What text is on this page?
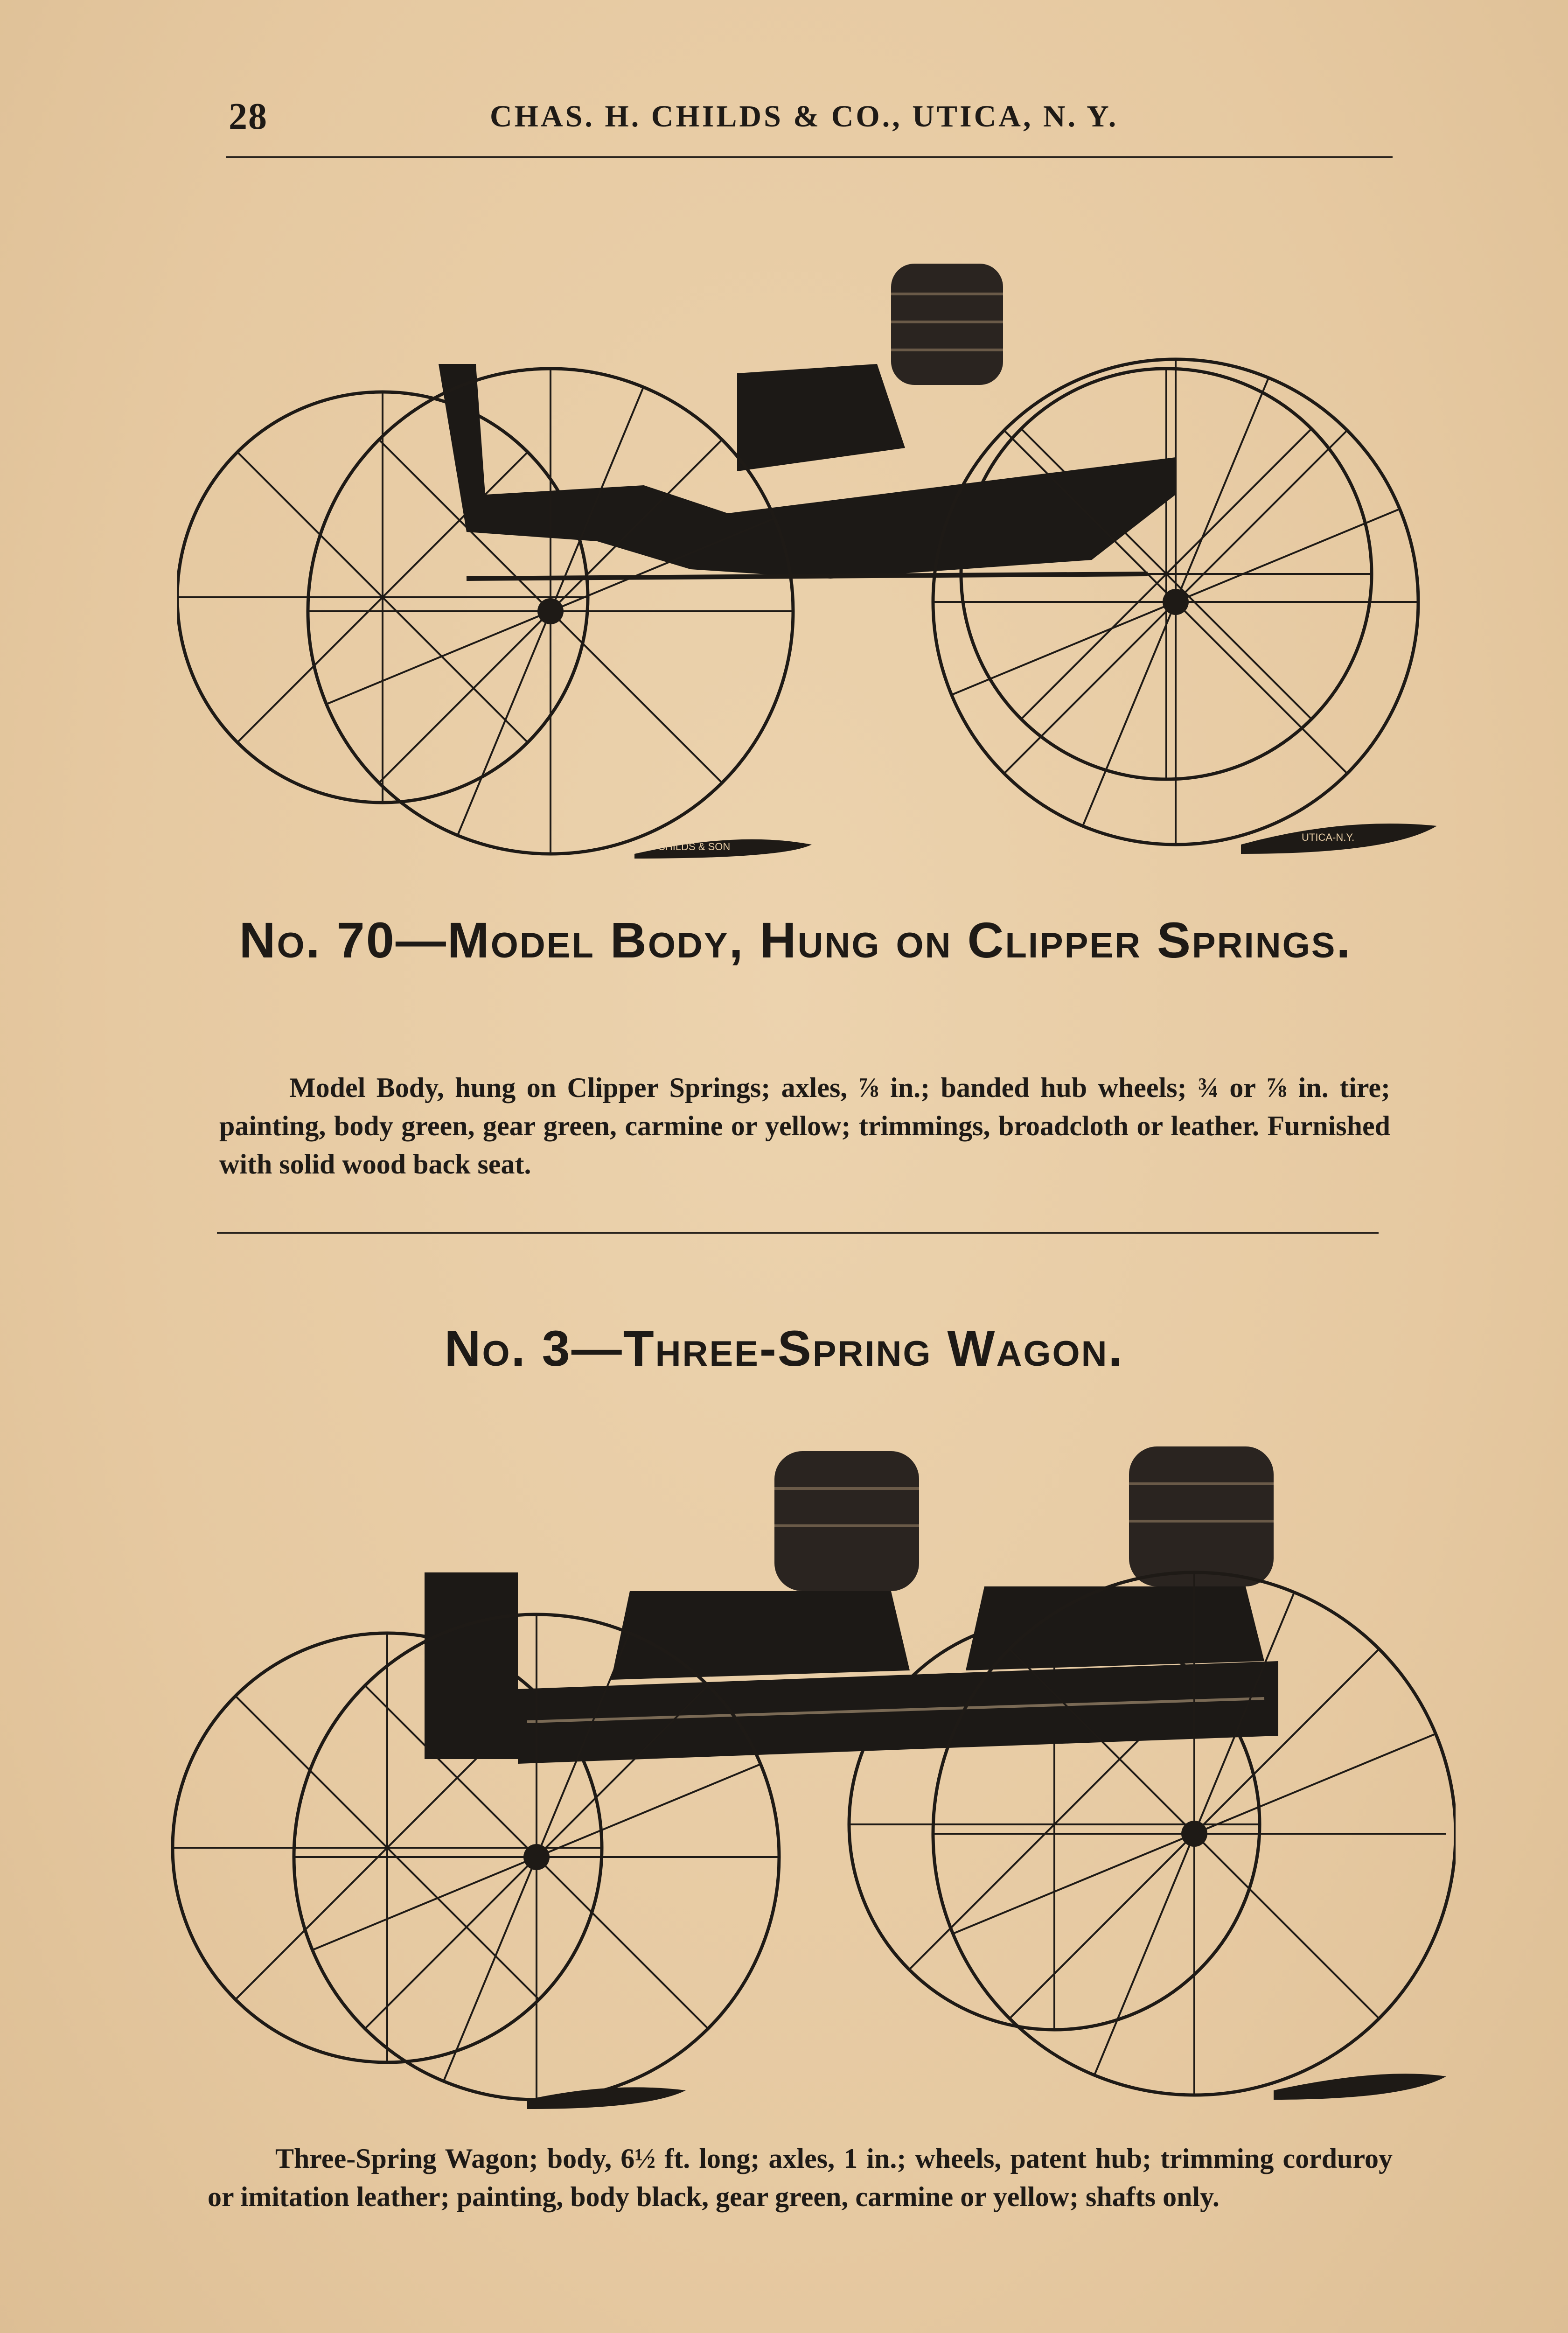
28	CHAS. H. CHILDS & CO., UTICA, N. Y.
CHILDS & SON
UTICA-N.Y.
No. 70—Model Body, Hung on Clipper Springs.
Model Body, hung on Clipper Springs; axles, ⅞ in.; banded hub wheels; ¾ or ⅞ in. tire; painting, body green, gear green, carmine or yellow; trimmings, broadcloth or leather. Furnished with solid wood back seat.
No. 3—Three-Spring Wagon.
Three-Spring Wagon; body, 6½ ft. long; axles, 1 in.; wheels, patent hub; trimming corduroy or imitation leather; painting, body black, gear green, carmine or yellow; shafts only.
